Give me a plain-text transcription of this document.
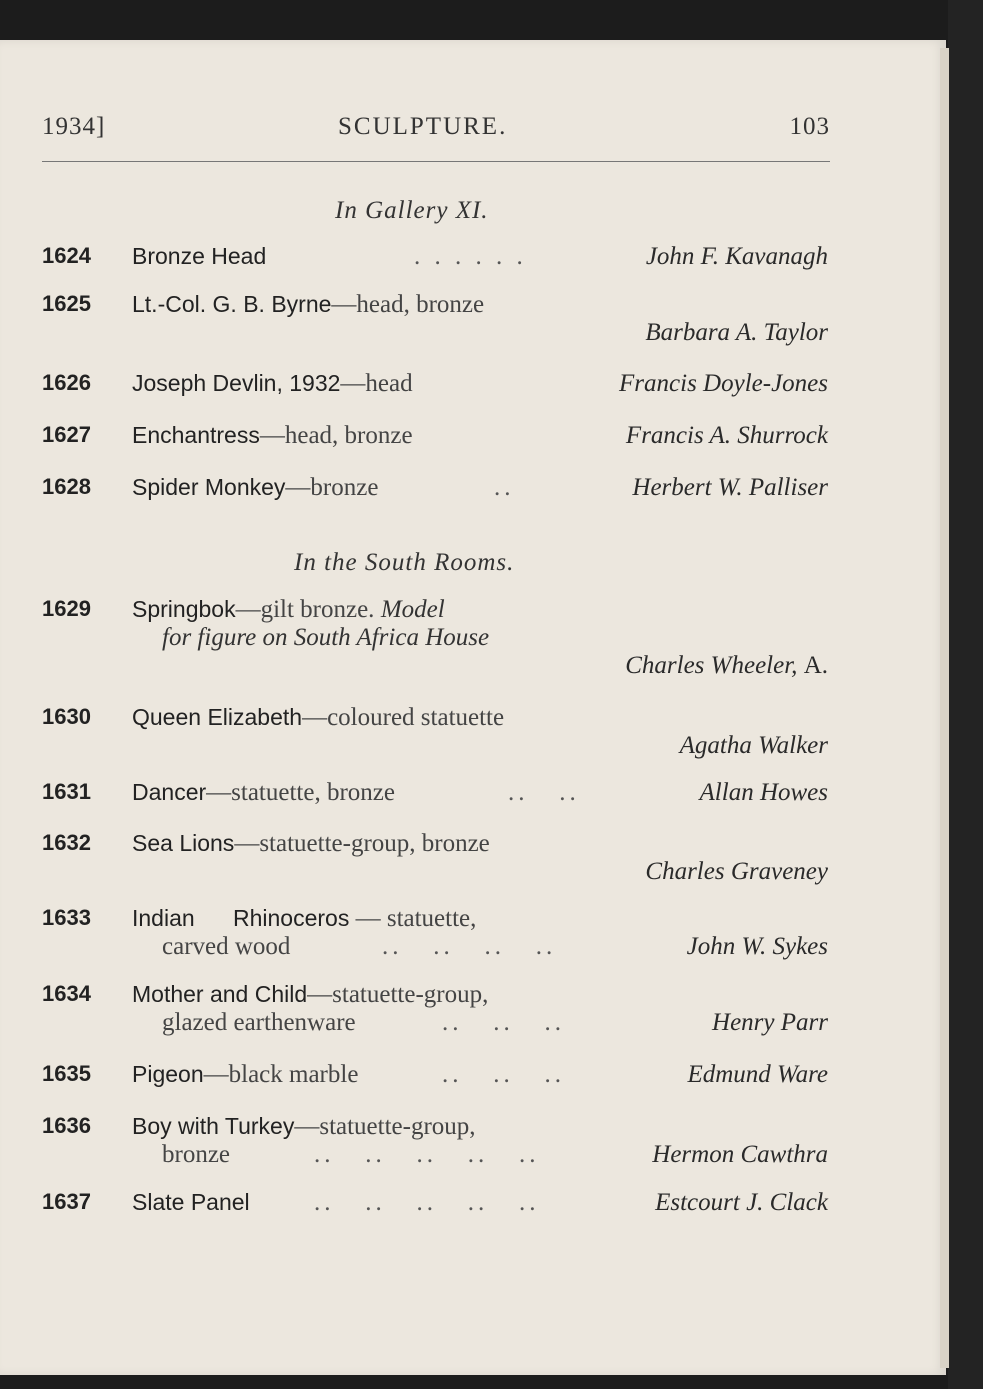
1934]	SCULPTURE.	103
In Gallery XI.
1624 Bronze Head	. . . . . .	John F. Kavanagh
1625 Lt.-Col. G. B. Byrne—head, bronze
Barbara A. Taylor
1626 Joseph Devlin, 1932—head	Francis Doyle-Jones
1627 Enchantress—head, bronze	Francis A. Shurrock
1628 Spider Monkey—bronze	..	Herbert W. Palliser
In the South Rooms.
1629 Springbok—gilt bronze. Model
for figure on South Africa House
Charles Wheeler, A.
1630 Queen Elizabeth—coloured statuette
Agatha Walker
1631 Dancer—statuette, bronze	..   ..	Allan Howes
1632 Sea Lions—statuette-group, bronze
Charles Graveney
1633 Indian      Rhinoceros — statuette,
carved wood	..   ..   ..   ..	John W. Sykes
1634 Mother and Child—statuette-group,
glazed earthenware	..   ..   ..	Henry Parr
1635 Pigeon—black marble	..   ..   ..	Edmund Ware
1636 Boy with Turkey—statuette-group,
bronze	..   ..   ..   ..   ..	Hermon Cawthra
1637 Slate Panel	..   ..   ..   ..   ..	Estcourt J. Clack
